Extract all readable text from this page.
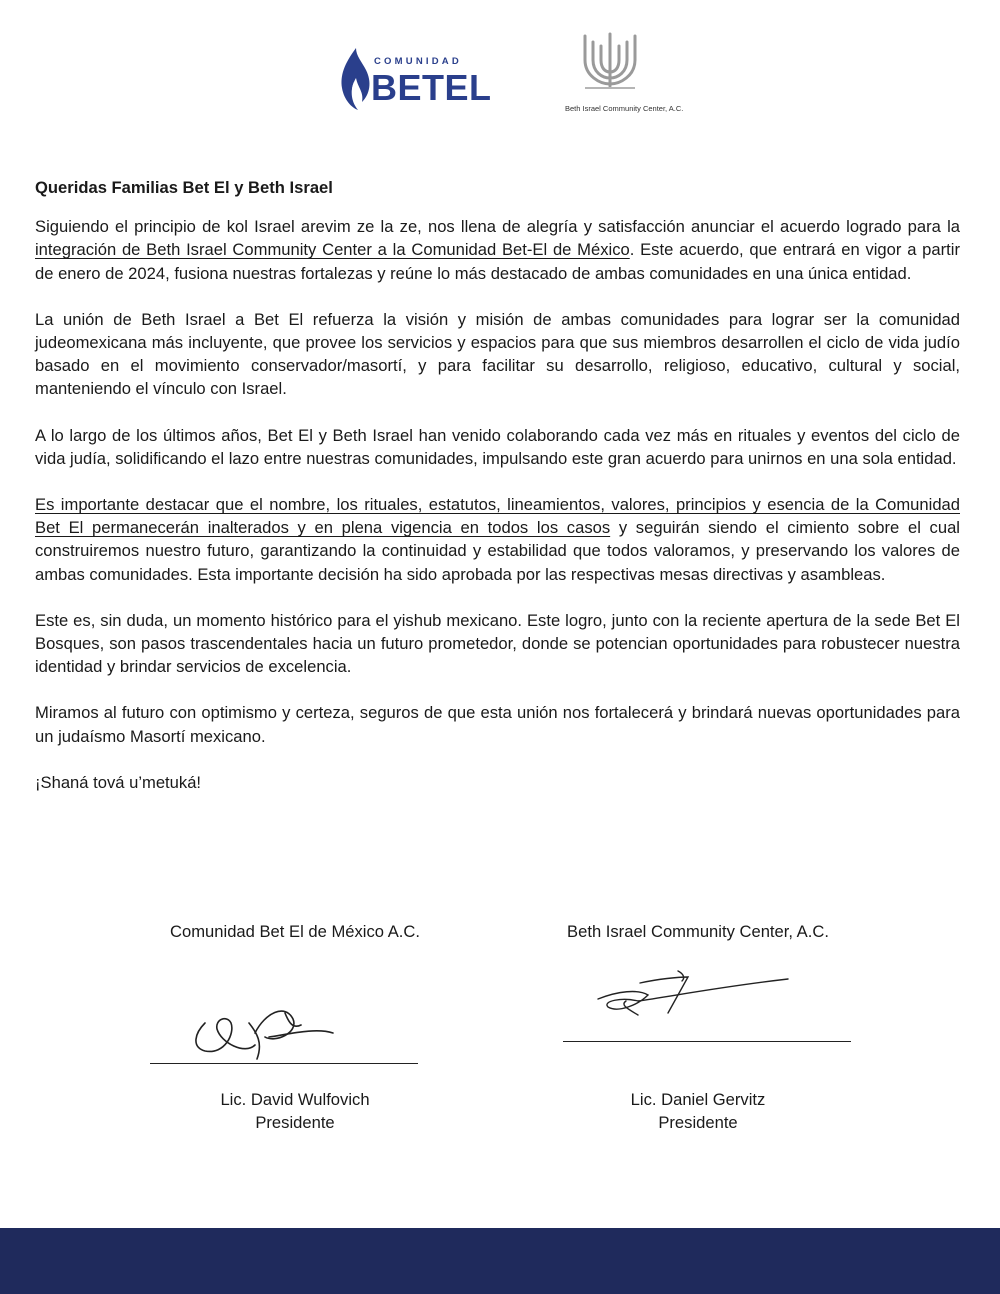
COMUNIDAD
BETEL
Beth Israel Community Center, A.C.

Queridas Familias Bet El y Beth Israel

Siguiendo el principio de kol Israel arevim ze la ze, nos llena de alegría y satisfacción anunciar el acuerdo logrado para la integración de Beth Israel Community Center a la Comunidad Bet-El de México. Este acuerdo, que entrará en vigor a partir de enero de 2024, fusiona nuestras fortalezas y reúne lo más destacado de ambas comunidades en una única entidad.

La unión de Beth Israel a Bet El refuerza la visión y misión de ambas comunidades para lograr ser la comunidad judeomexicana más incluyente, que provee los servicios y espacios para que sus miembros desarrollen el ciclo de vida judío basado en el movimiento conservador/masortí, y para facilitar su desarrollo, religioso, educativo, cultural y social, manteniendo el vínculo con Israel.

A lo largo de los últimos años, Bet El y Beth Israel han venido colaborando cada vez más en rituales y eventos del ciclo de vida judía, solidificando el lazo entre nuestras comunidades, impulsando este gran acuerdo para unirnos en una sola entidad.

Es importante destacar que el nombre, los rituales, estatutos, lineamientos, valores, principios y esencia de la Comunidad Bet El permanecerán inalterados y en plena vigencia en todos los casos y seguirán siendo el cimiento sobre el cual construiremos nuestro futuro, garantizando la continuidad y estabilidad que todos valoramos, y preservando los valores de ambas comunidades. Esta importante decisión ha sido aprobada por las respectivas mesas directivas y asambleas.

Este es, sin duda, un momento histórico para el yishub mexicano. Este logro, junto con la reciente apertura de la sede Bet El Bosques, son pasos trascendentales hacia un futuro prometedor, donde se potencian oportunidades para robustecer nuestra identidad y brindar servicios de excelencia.

Miramos al futuro con optimismo y certeza, seguros de que esta unión nos fortalecerá y brindará nuevas oportunidades para un judaísmo Masortí mexicano.

¡Shaná tová u’metuká!

Comunidad Bet El de México A.C.
Lic. David Wulfovich
Presidente
Beth Israel Community Center, A.C.
Lic. Daniel Gervitz
Presidente
